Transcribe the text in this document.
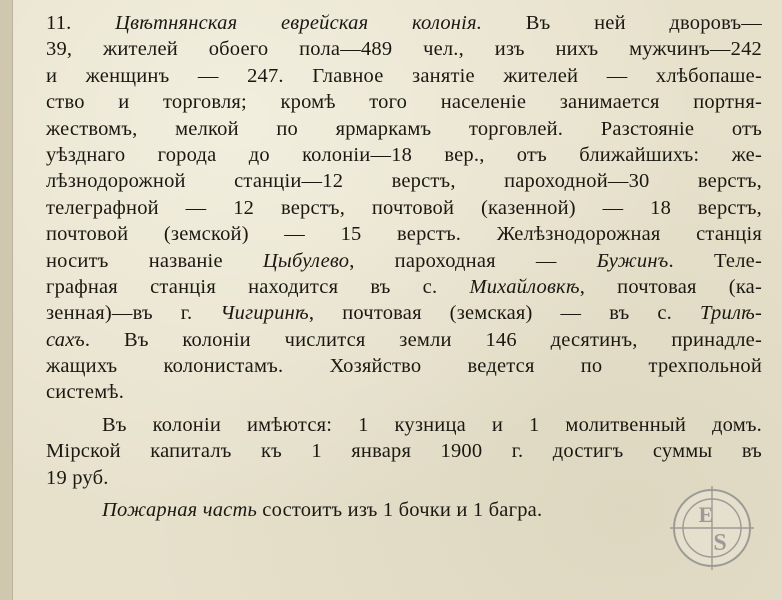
11. Цвѣтнянская еврейская колонія. Въ ней дворовъ—
39, жителей обоего пола—489 чел., изъ нихъ мужчинъ—242
и женщинъ — 247. Главное занятіе жителей — хлѣбопаше-
ство и торговля; кромѣ того населеніе занимается портня-
жествомъ, мелкой по ярмаркамъ торговлей. Разстояніе отъ
уѣзднаго города до колоніи—18 вер., отъ ближайшихъ: же-
лѣзнодорожной станціи—12 верстъ, пароходной—30 верстъ,
телеграфной — 12 верстъ, почтовой (казенной) — 18 верстъ,
почтовой (земской) — 15 верстъ. Желѣзнодорожная станція
носитъ названіе Цыбулево, пароходная — Бужинъ. Теле-
графная станція находится въ с. Михайловкѣ, почтовая (ка-
зенная)—въ г. Чигиринѣ, почтовая (земская) — въ с. Трилѣ-
сахъ. Въ колоніи числится земли 146 десятинъ, принадле-
жащихъ колонистамъ. Хозяйство ведется по трехпольной
системѣ.
Въ колоніи имѣются: 1 кузница и 1 молитвенный домъ.
Мірской капиталъ къ 1 января 1900 г. достигъ суммы въ
19 руб.
Пожарная часть состоитъ изъ 1 бочки и 1 багра.	E
S
